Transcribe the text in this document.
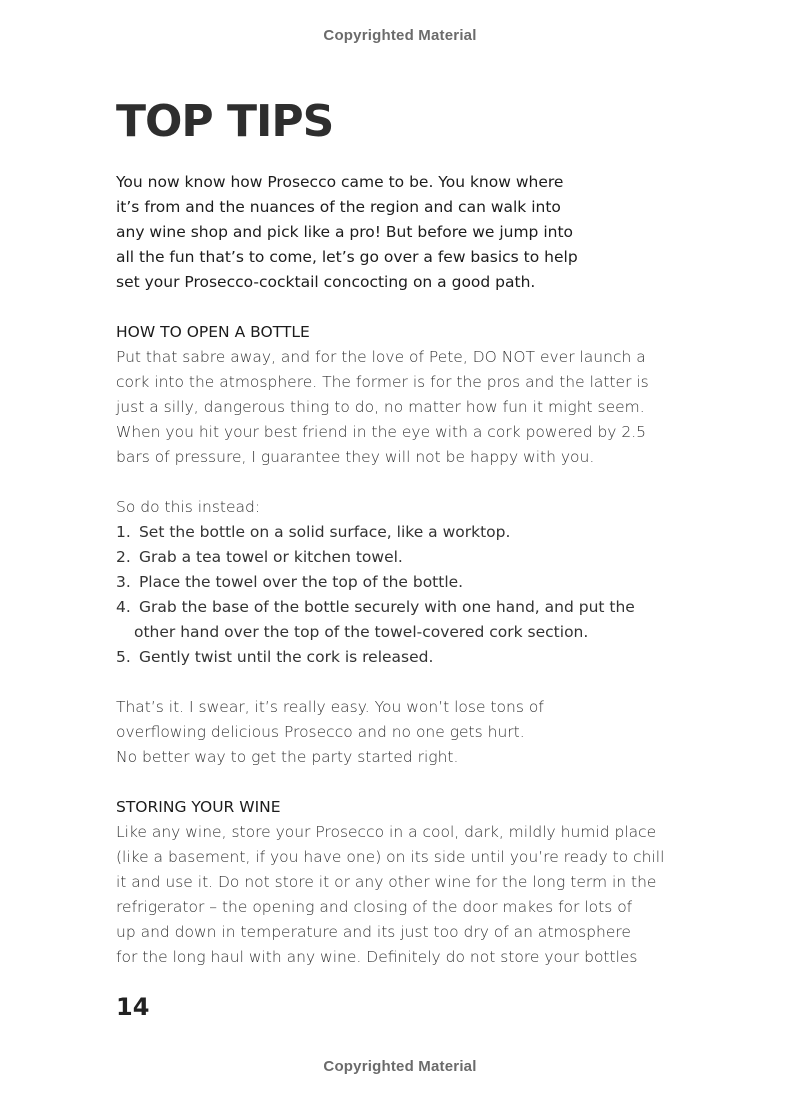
Copyrighted Material
TOP TIPS

You now know how Prosecco came to be. You know where
it’s from and the nuances of the region and can walk into
any wine shop and pick like a pro! But before we jump into
all the fun that’s to come, let’s go over a few basics to help
set your Prosecco-cocktail concocting on a good path.

HOW TO OPEN A BOTTLE

Put that sabre away, and for the love of Pete, DO NOT ever launch a
cork into the atmosphere. The former is for the pros and the latter is
just a silly, dangerous thing to do, no matter how fun it might seem.
When you hit your best friend in the eye with a cork powered by 2.5
bars of pressure, I guarantee they will not be happy with you.

So do this instead:

1. Set the bottle on a solid surface, like a worktop.
2. Grab a tea towel or kitchen towel.
3. Place the towel over the top of the bottle.
4. Grab the base of the bottle securely with one hand, and put the
other hand over the top of the towel-covered cork section.
5. Gently twist until the cork is released.

That’s it. I swear, it’s really easy. You won’t lose tons of
overflowing delicious Prosecco and no one gets hurt.
No better way to get the party started right.

STORING YOUR WINE

Like any wine, store your Prosecco in a cool, dark, mildly humid place
(like a basement, if you have one) on its side until you’re ready to chill
it and use it. Do not store it or any other wine for the long term in the
refrigerator – the opening and closing of the door makes for lots of
up and down in temperature and its just too dry of an atmosphere
for the long haul with any wine. Definitely do not store your bottles

14
Copyrighted Material
